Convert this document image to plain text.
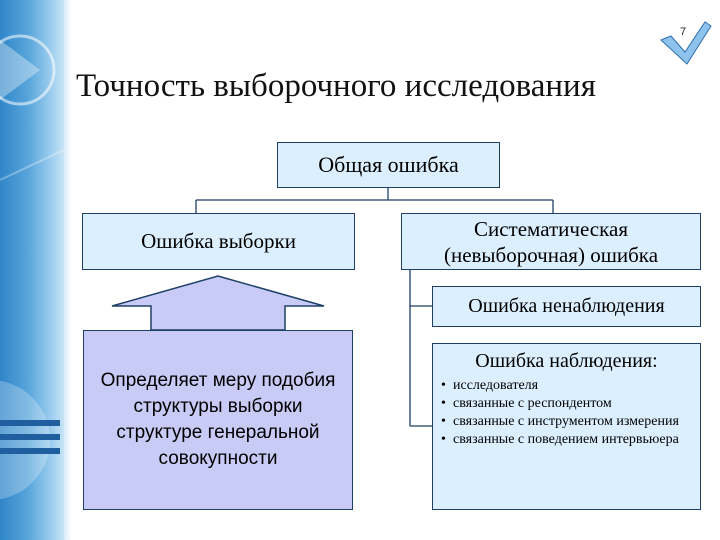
7
Точность выборочного исследования
Общая ошибка
Ошибка выборки
Систематическая
(невыборочная) ошибка
Ошибка ненаблюдения
Определяет меру подобия
структуры выборки
структуре генеральной
совокупности
Ошибка наблюдения:
• исследователя
• связанные с респондентом
• связанные с инструментом измерения
• связанные с поведением интервьюера
